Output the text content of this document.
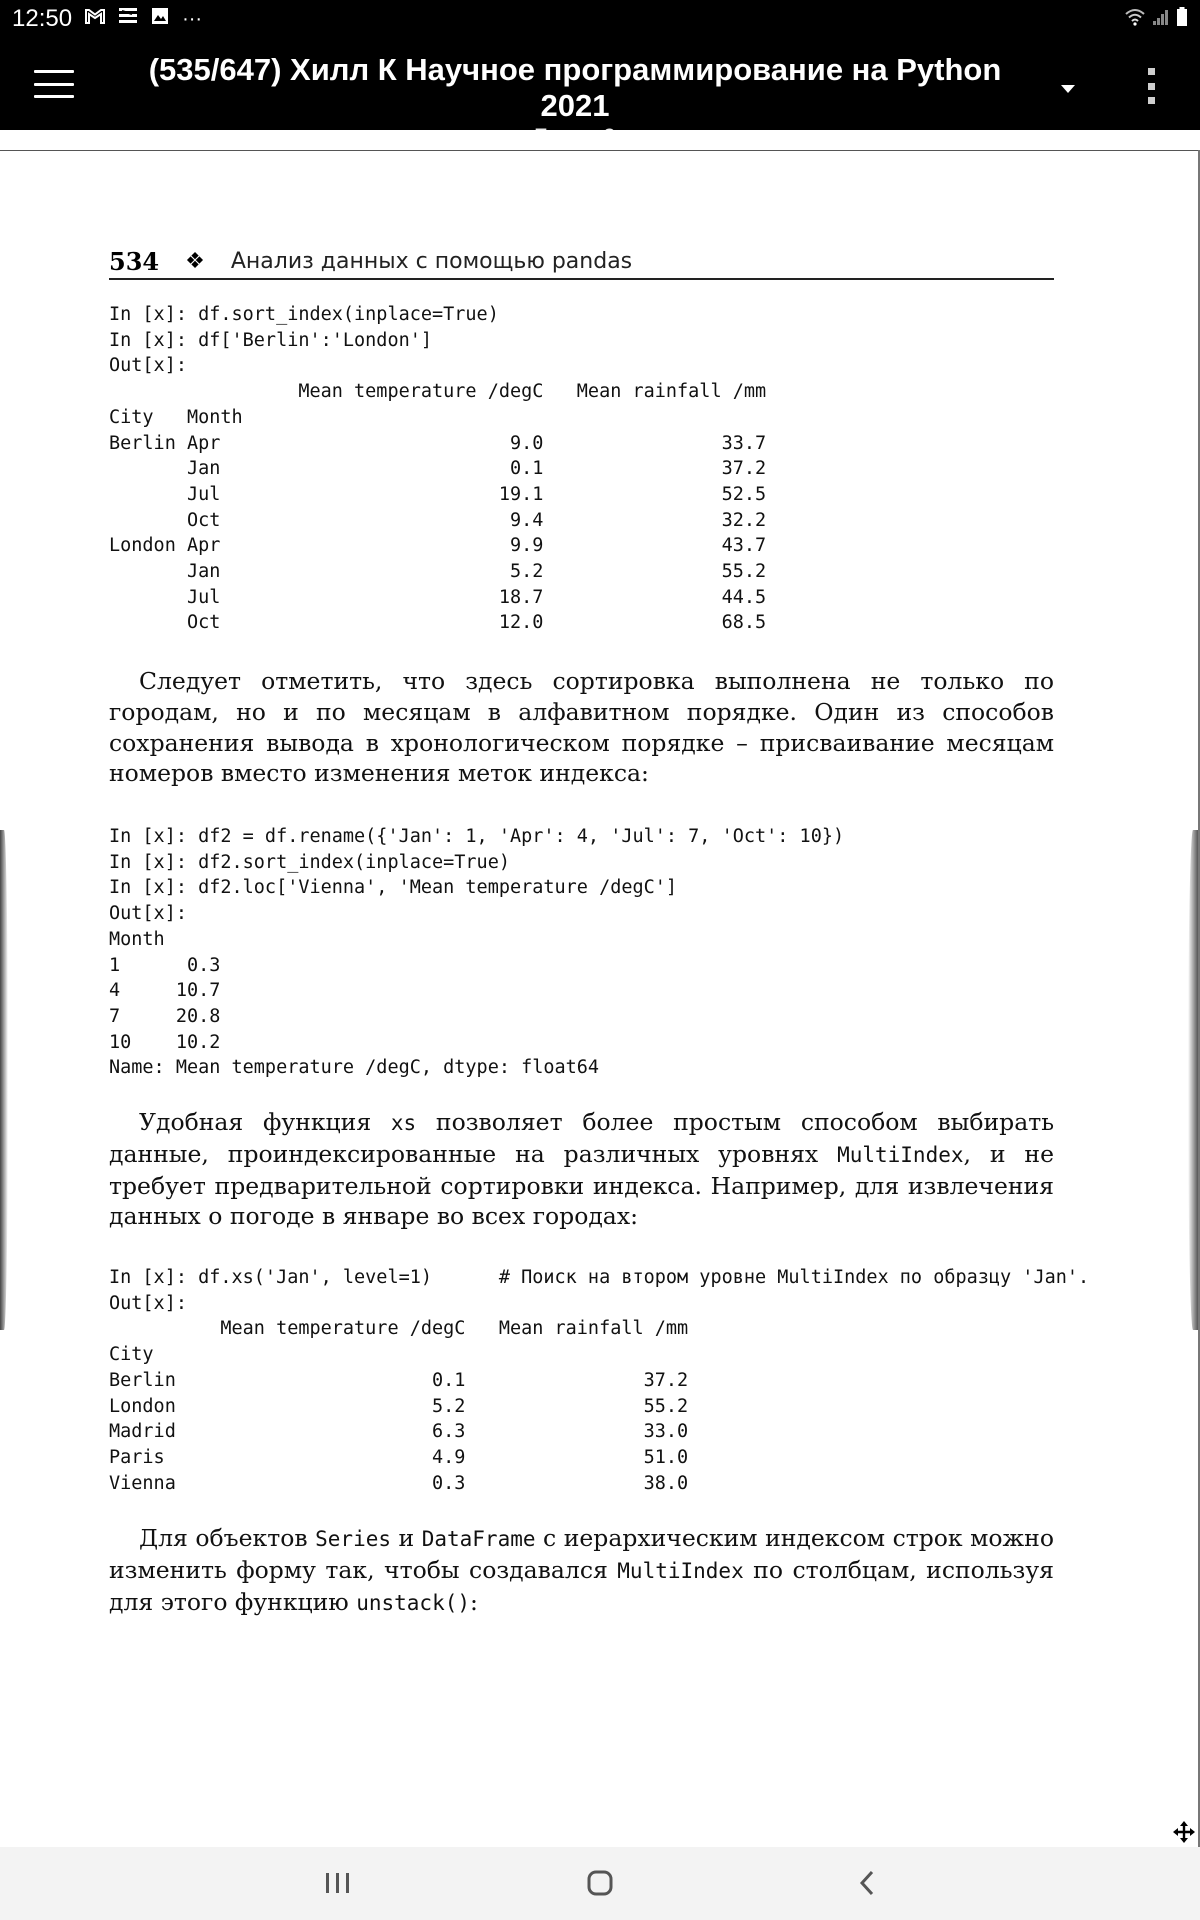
12:50	···
(535/647) Хилл К Научное программирование на Python 2021
534 ❖ Анализ данных с помощью pandas
In [x]: df.sort_index(inplace=True)
In [x]: df['Berlin':'London']
Out[x]:
Mean temperature /degC   Mean rainfall /mm
City   Month
Berlin Apr                          9.0                33.7
Jan                          0.1                37.2
Jul                         19.1                52.5
Oct                          9.4                32.2
London Apr                          9.9                43.7
Jan                          5.2                55.2
Jul                         18.7                44.5
Oct                         12.0                68.5

Следует отметить, что здесь сортировка выполнена не только по городам, но и по месяцам в алфавитном порядке. Один из способов сохранения вывода в хронологическом порядке – присваивание месяцам номеров вместо изменения меток индекса:

In [x]: df2 = df.rename({'Jan': 1, 'Apr': 4, 'Jul': 7, 'Oct': 10})
In [x]: df2.sort_index(inplace=True)
In [x]: df2.loc['Vienna', 'Mean temperature /degC']
Out[x]:
Month
1      0.3
4     10.7
7     20.8
10    10.2
Name: Mean temperature /degC, dtype: float64

Удобная функция xs позволяет более простым способом выбирать данные, проиндексированные на различных уровнях MultiIndex, и не требует предварительной сортировки индекса. Например, для извлечения данных о погоде в январе во всех городах:

In [x]: df.xs('Jan', level=1)      # Поиск на втором уровне MultiIndex по образцу 'Jan'.
Out[x]:
Mean temperature /degC   Mean rainfall /mm
City
Berlin                       0.1                37.2
London                       5.2                55.2
Madrid                       6.3                33.0
Paris                        4.9                51.0
Vienna                       0.3                38.0

Для объектов Series и DataFrame с иерархическим индексом строк можно изменить форму так, чтобы создавался MultiIndex по столбцам, используя для этого функцию unstack():
